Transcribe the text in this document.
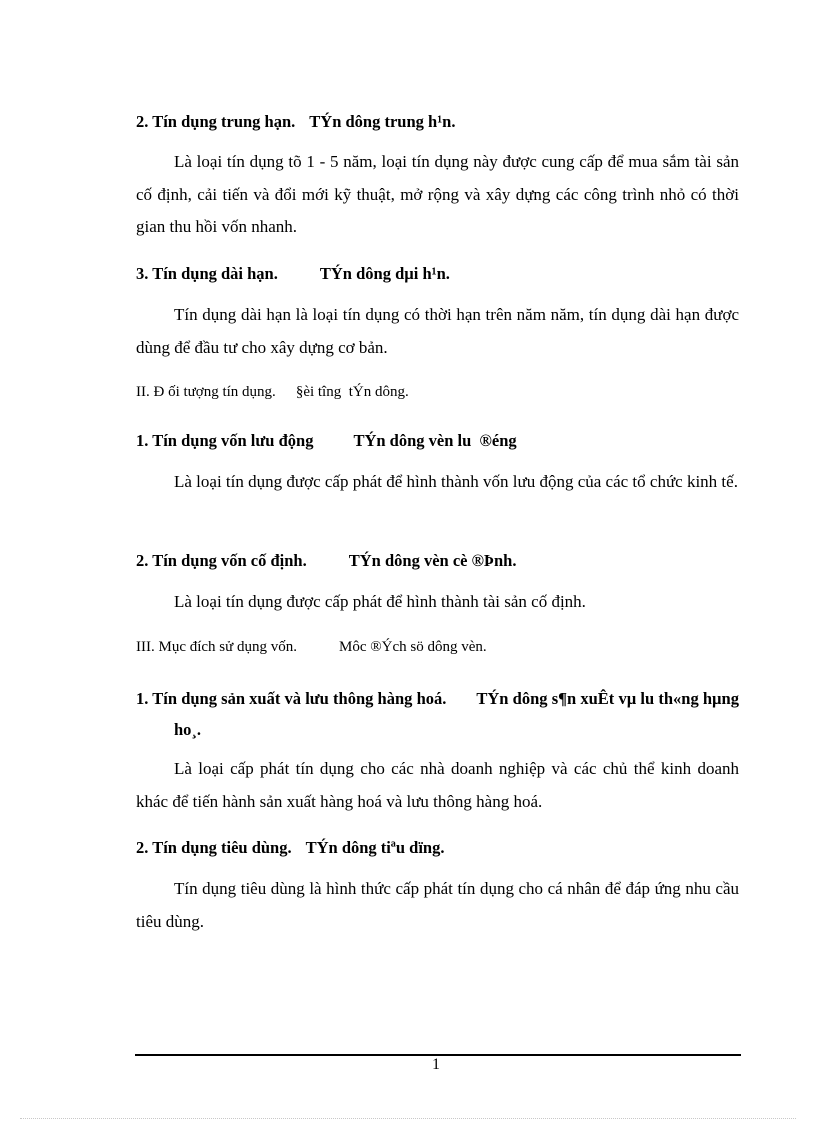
2. Tín dụng trung hạn. TÝn dông trung h¹n.

Là loại tín dụng tõ 1 - 5 năm, loại tín dụng này được cung cấp để mua sắm tài sản cố định, cải tiến và đổi mới kỹ thuật, mở rộng và xây dựng các công trình nhỏ có thời gian thu hồi vốn nhanh.

3. Tín dụng dài hạn.	TÝn dông dµi h¹n.

Tín dụng dài hạn là loại tín dụng có thời hạn trên năm năm, tín dụng dài hạn được dùng để đầu tư cho xây dựng cơ bản.

II. Đ ối tượng tín dụng. §èi tîng  tÝn dông.
1. Tín dụng vốn lưu động TÝn dông vèn lu  ®éng

Là loại tín dụng được cấp phát để hình thành vốn lưu động của các tổ chức kinh tế.

2. Tín dụng vốn cố định.	TÝn dông vèn cè ®Þnh.

Là loại tín dụng được cấp phát để hình thành tài sản cố định.

III. Mục đích sử dụng vốn.	Môc ®Ých sö dông vèn.

1. Tín dụng sản xuất và lưu thông hàng hoá. TÝn dông s¶n xuÊt vµ lu th«ng hµng ho¸.

Là loại cấp phát tín dụng cho các nhà doanh nghiệp và các chủ thể kinh doanh khác để tiến hành sản xuất hàng hoá và lưu thông hàng hoá.

2. Tín dụng tiêu dùng. TÝn dông tiªu dïng.

Tín dụng tiêu dùng là hình thức cấp phát tín dụng cho cá nhân để đáp ứng nhu cầu tiêu dùng.

1
